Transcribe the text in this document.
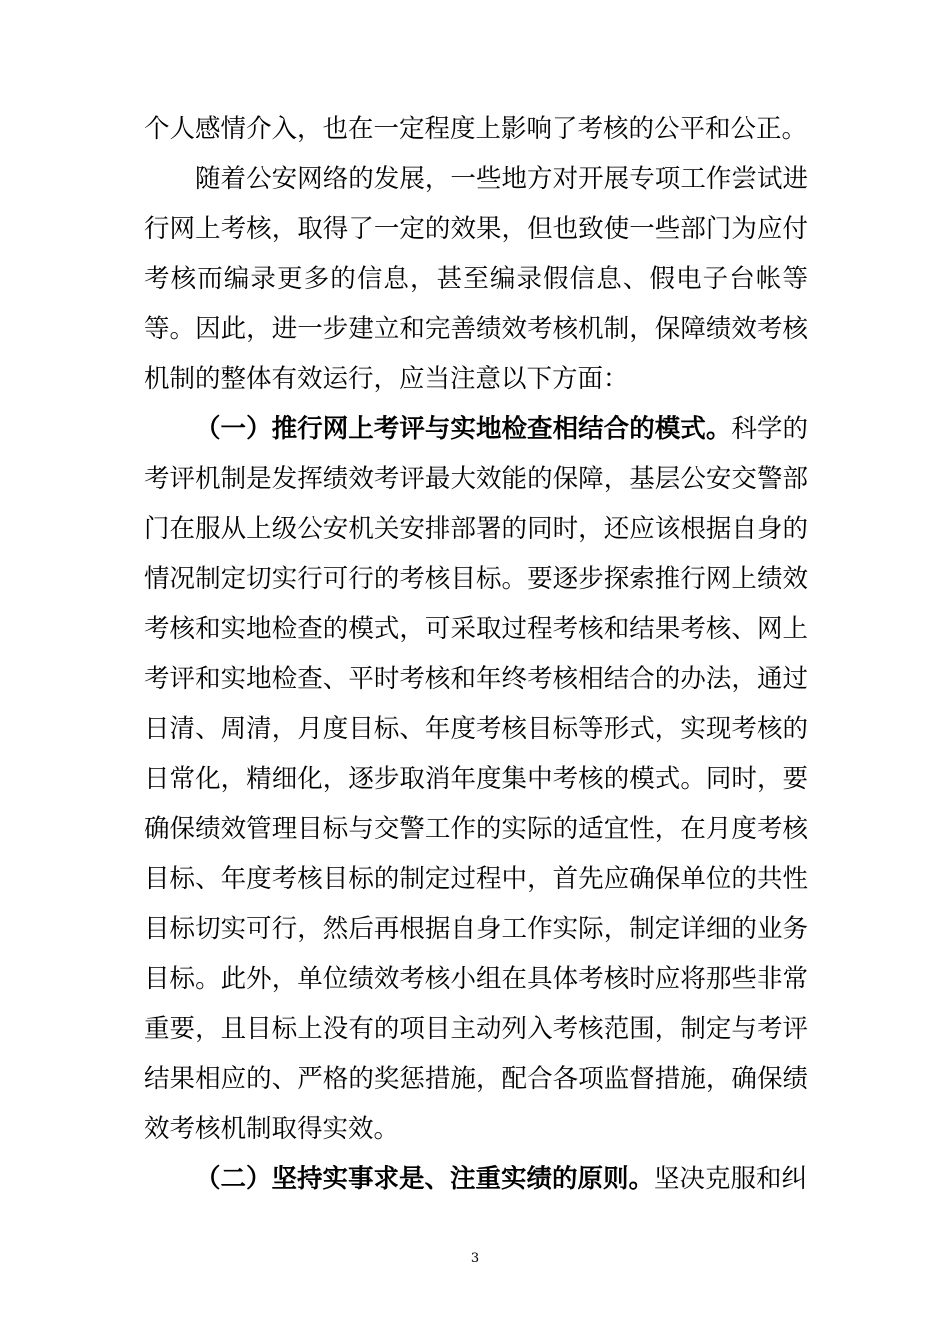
个人感情介入，也在一定程度上影响了考核的公平和公正。

随着公安网络的发展，一些地方对开展专项工作尝试进行网上考核，取得了一定的效果，但也致使一些部门为应付考核而编录更多的信息，甚至编录假信息、假电子台帐等等。因此，进一步建立和完善绩效考核机制，保障绩效考核机制的整体有效运行，应当注意以下方面：

（一）推行网上考评与实地检查相结合的模式。科学的考评机制是发挥绩效考评最大效能的保障，基层公安交警部门在服从上级公安机关安排部署的同时，还应该根据自身的情况制定切实行可行的考核目标。要逐步探索推行网上绩效考核和实地检查的模式，可采取过程考核和结果考核、网上考评和实地检查、平时考核和年终考核相结合的办法，通过日清、周清，月度目标、年度考核目标等形式，实现考核的日常化，精细化，逐步取消年度集中考核的模式。同时，要确保绩效管理目标与交警工作的实际的适宜性，在月度考核目标、年度考核目标的制定过程中，首先应确保单位的共性目标切实可行，然后再根据自身工作实际，制定详细的业务目标。此外，单位绩效考核小组在具体考核时应将那些非常重要，且目标上没有的项目主动列入考核范围，制定与考评结果相应的、严格的奖惩措施，配合各项监督措施，确保绩效考核机制取得实效。

（二）坚持实事求是、注重实绩的原则。坚决克服和纠

3
